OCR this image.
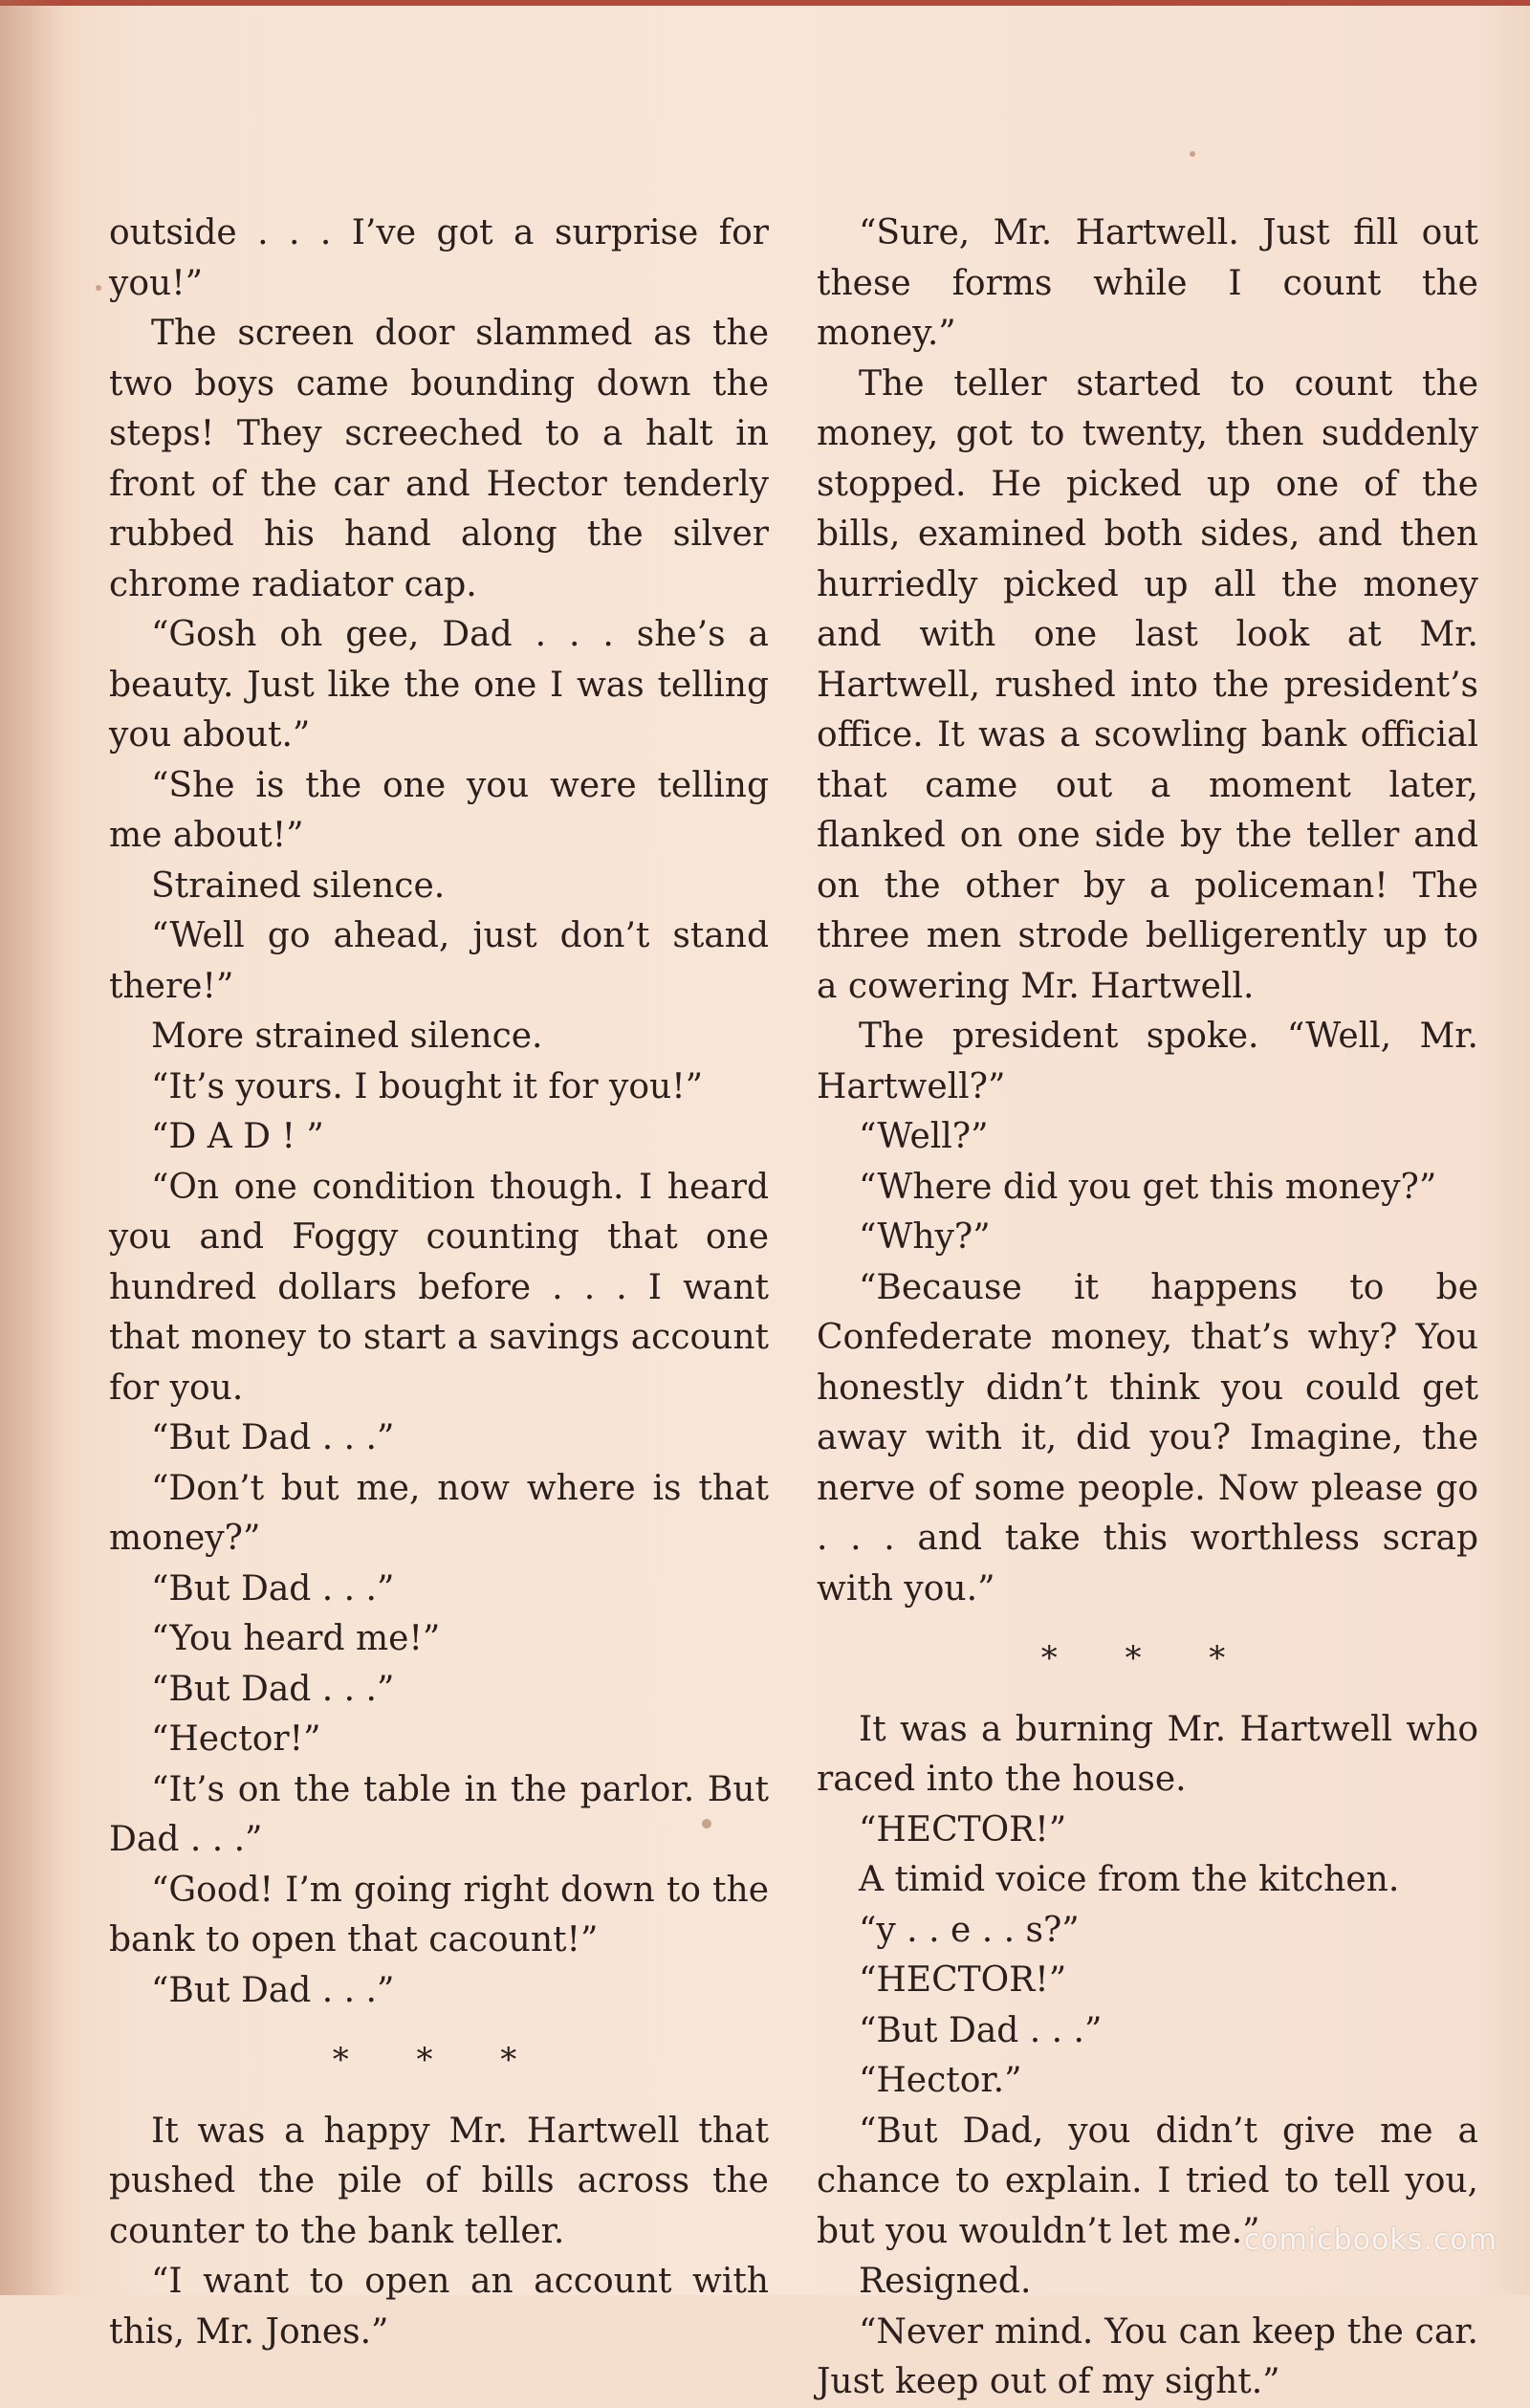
outside . . . I’ve got a surprise for you!”

The screen door slammed as the two boys came bounding down the steps! They screeched to a halt in front of the car and Hector tenderly rubbed his hand along the silver chrome radiator cap.

“Gosh oh gee, Dad . . . she’s a beauty. Just like the one I was telling you about.”

“She is the one you were telling me about!”

Strained silence.

“Well go ahead, just don’t stand there!”

More strained silence.

“It’s yours. I bought it for you!”

“D A D ! ”

“On one condition though. I heard you and Foggy counting that one hundred dollars before . . . I want that money to start a savings account for you.

“But Dad . . .”

“Don’t but me, now where is that money?”

“But Dad . . .”

“You heard me!”

“But Dad . . .”

“Hector!”

“It’s on the table in the parlor. But Dad . . .”

“Good! I’m going right down to the bank to open that cacount!”

“But Dad . . .”

* * *

It was a happy Mr. Hartwell that pushed the pile of bills across the counter to the bank teller.

“I want to open an account with this, Mr. Jones.”

“Sure, Mr. Hartwell. Just fill out these forms while I count the money.”

The teller started to count the money, got to twenty, then suddenly stopped. He picked up one of the bills, examined both sides, and then hurriedly picked up all the money and with one last look at Mr. Hartwell, rushed into the president’s office. It was a scowling bank official that came out a moment later, flanked on one side by the teller and on the other by a policeman! The three men strode belligerently up to a cowering Mr. Hartwell.

The president spoke. “Well, Mr. Hartwell?”

“Well?”

“Where did you get this money?”

“Why?”

“Because it happens to be Confederate money, that’s why? You honestly didn’t think you could get away with it, did you? Imagine, the nerve of some people. Now please go . . . and take this worthless scrap with you.”

* * *

It was a burning Mr. Hartwell who raced into the house.

“HECTOR!”

A timid voice from the kitchen.

“y . . e . . s?”

“HECTOR!”

“But Dad . . .”

“Hector.”

“But Dad, you didn’t give me a chance to explain. I tried to tell you, but you wouldn’t let me.”

Resigned.

“Never mind. You can keep the car. Just keep out of my sight.”

comicbooks.com
